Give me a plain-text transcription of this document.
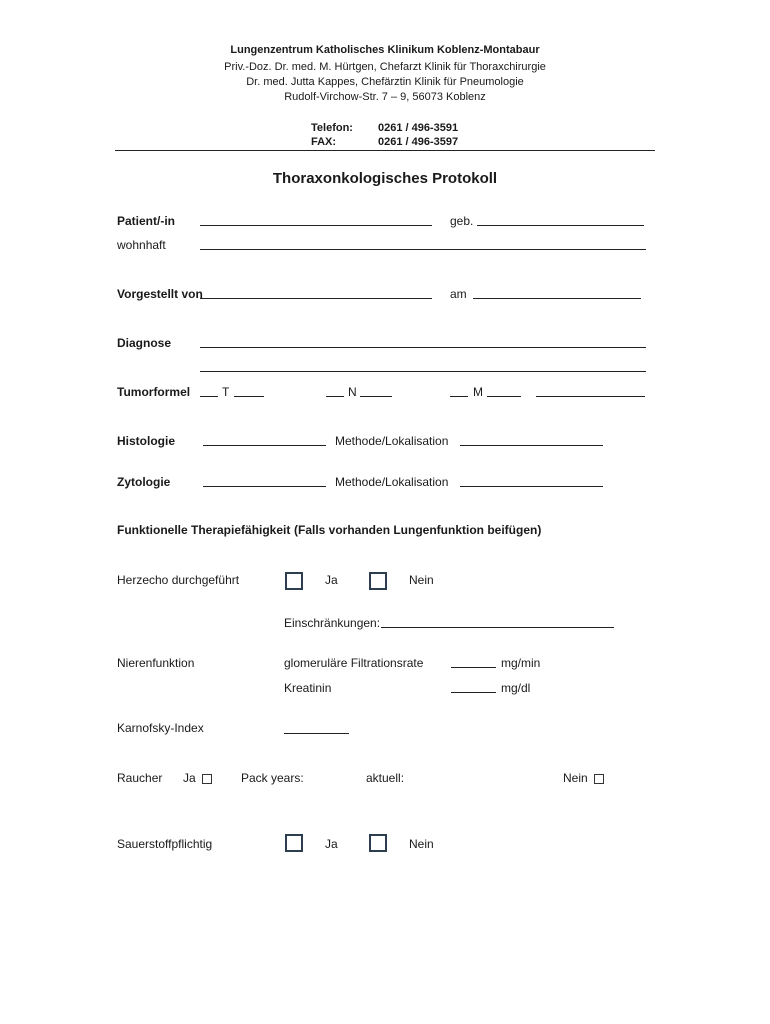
Lungenzentrum Katholisches Klinikum Koblenz-Montabaur
Priv.-Doz. Dr. med. M. Hürtgen, Chefarzt Klinik für Thoraxchirurgie
Dr. med. Jutta Kappes, Chefärztin Klinik für Pneumologie
Rudolf-Virchow-Str. 7 – 9, 56073 Koblenz
Telefon: 0261 / 496-3591
FAX:	0261 / 496-3597
Thoraxonkologisches Protokoll
Patient/-in	geb.
wohnhaft
Vorgestellt von	am
Diagnose
Tumorformel	T	N	M
Histologie	Methode/Lokalisation
Zytologie	Methode/Lokalisation
Funktionelle Therapiefähigkeit (Falls vorhanden Lungenfunktion beifügen)
Herzecho durchgeführt	Ja	Nein
Einschränkungen:
Nierenfunktion	glomeruläre Filtrationsrate	mg/min
Kreatinin	mg/dl
Karnofsky-Index
Raucher Ja	Pack years:	aktuell:	Nein
Sauerstoffpflichtig	Ja	Nein
